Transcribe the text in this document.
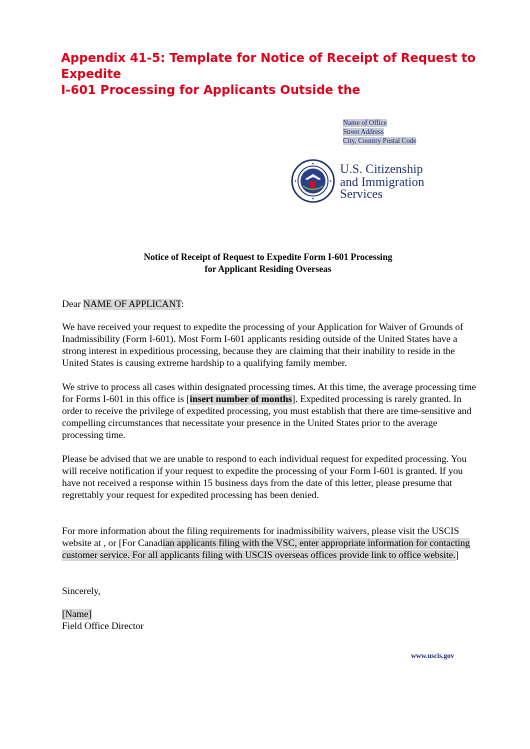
Appendix 41-5: Template for Notice of Receipt of Request to Expedite
I-601 Processing for Applicants Outside the
Name of Office
Street Address
City, Country Postal Code
U.S. Citizenship
and Immigration
Services
Notice of Receipt of Request to Expedite Form I-601 Processing
for Applicant Residing Overseas
Dear NAME OF APPLICANT:
We have received your request to expedite the processing of your Application for Waiver of Grounds of Inadmissibility (Form I-601). Most Form I-601 applicants residing outside of the United States have a strong interest in expeditious processing, because they are claiming that their inability to reside in the United States is causing extreme hardship to a qualifying family member.
We strive to process all cases within designated processing times. At this time, the average processing time for Forms I-601 in this office is [insert number of months]. Expedited processing is rarely granted. In order to receive the privilege of expedited processing, you must establish that there are time-sensitive and compelling circumstances that necessitate your presence in the United States prior to the average processing time.
Please be advised that we are unable to respond to each individual request for expedited processing. You will receive notification if your request to expedite the processing of your Form I-601 is granted. If you have not received a response within 15 business days from the date of this letter, please presume that regrettably your request for expedited processing has been denied.
For more information about the filing requirements for inadmissibility waivers, please visit the USCIS website at , or [For Canadian applicants filing with the VSC, enter appropriate information for contacting customer service. For all applicants filing with USCIS overseas offices provide link to office website.]
Sincerely,
[Name]
Field Office Director
www.uscis.gov
